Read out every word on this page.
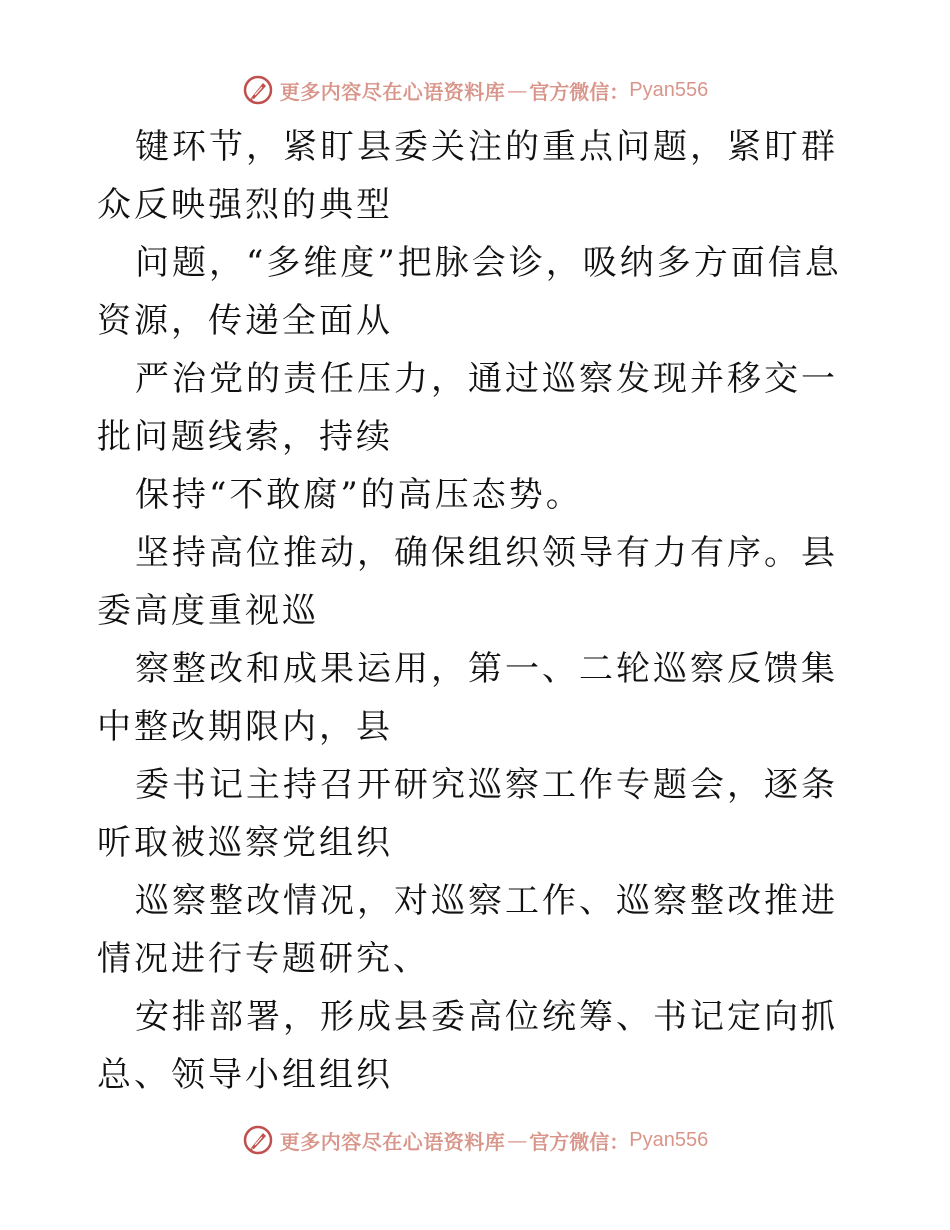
更多内容尽在心语资料库 — 官方微信： Pyan556

键环节，紧盯县委关注的重点问题，紧盯群众反映强烈的典型

问题，“多维度”把脉会诊，吸纳多方面信息资源，传递全面从

严治党的责任压力，通过巡察发现并移交一批问题线索，持续

保持“不敢腐”的高压态势。

坚持高位推动，确保组织领导有力有序。县委高度重视巡

察整改和成果运用，第一、二轮巡察反馈集中整改期限内，县

委书记主持召开研究巡察工作专题会，逐条听取被巡察党组织

巡察整改情况，对巡察工作、巡察整改推进情况进行专题研究、

安排部署，形成县委高位统筹、书记定向抓总、领导小组组织

更多内容尽在心语资料库 — 官方微信： Pyan556
